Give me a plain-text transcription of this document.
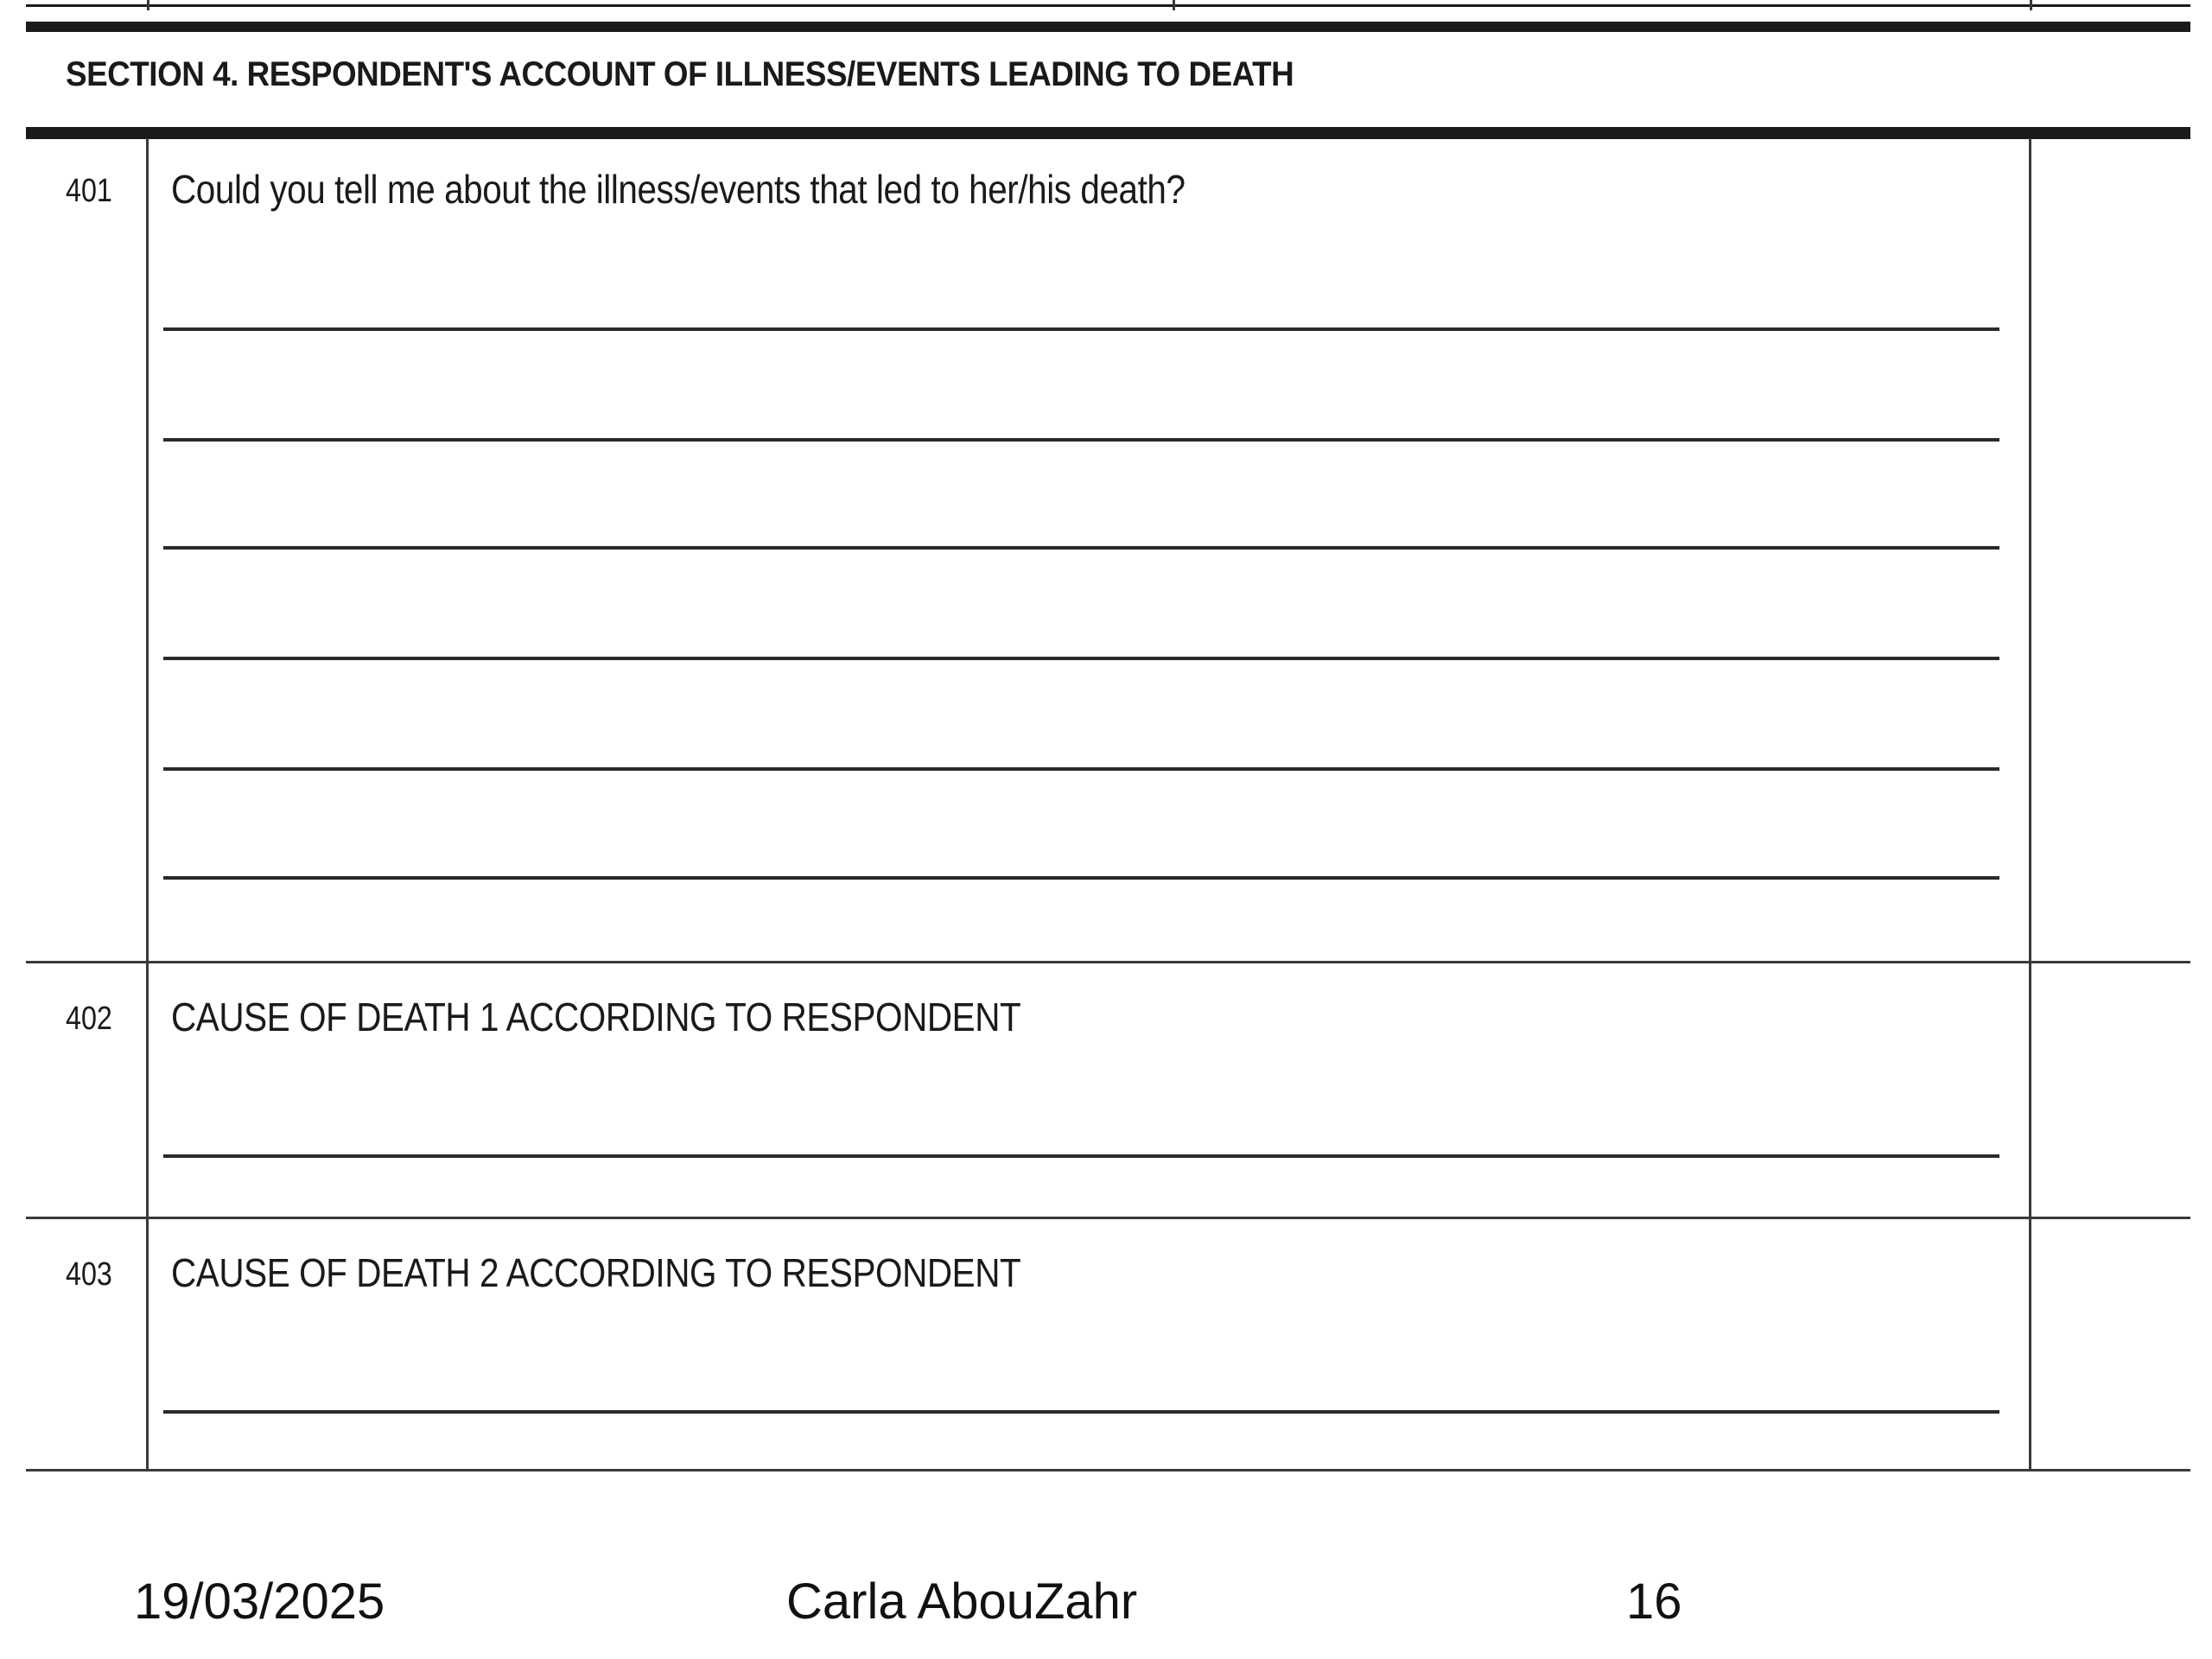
SECTION 4. RESPONDENT'S ACCOUNT OF ILLNESS/EVENTS LEADING TO DEATH
401 Could you tell me about the illness/events that led to her/his death?
402 CAUSE OF DEATH 1 ACCORDING TO RESPONDENT
403 CAUSE OF DEATH 2 ACCORDING TO RESPONDENT
19/03/2025	Carla AbouZahr	16
